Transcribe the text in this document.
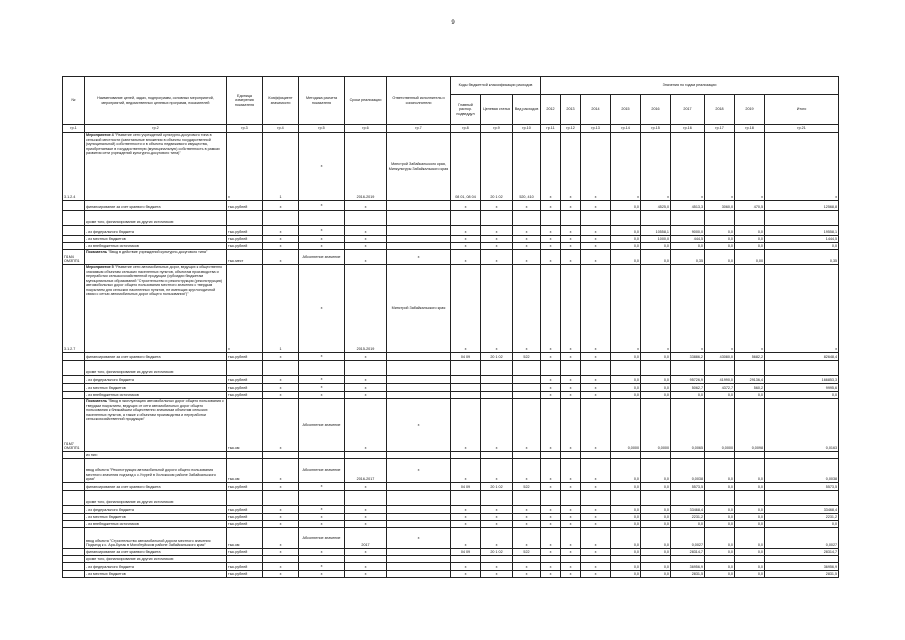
9
№	Наименование целей, задач, подпрограмм, основных мероприятий, мероприятий, ведомственных целевых программ, показателей	Единица измерения показателя	Коэффициент значимости	Методика расчета показателя	Сроки реализации	Ответственный исполнитель и соисполнители	Коды бюджетной классификации расходов			Значения по годам реализации								
							Главный распор. подведдул	Целевая статья	Вид расходов	2012	2013	2014	2015	2016	2017	2018	2019	Итого
гр.1	гр.2	гр.3	гр.4	гр.5	гр.6	гр.7	гр.8	гр.9	гр.10	гр.11	гр.12	гр.13	гр.14	гр.15	гр.16	гр.17	гр.18	гр.21
3.1.2.4	Мероприятие 4 "Развитие сети учреждений культурно-досугового типа в сельской местности (капитальные вложения в объекты государственной (муниципальной) собственности и в объекты недвижимого имущества, приобретаемые в государственную (муниципальную) собственность в рамках развития сети учреждений культурно-досугового типа)"	х	1	х	2016-2019	Минстрой Забайкальского края, Минкультуры Забайкальского края	08 01, 08 04	20 1 02	520, 410	х	х	х	х	х	х	х	х	х
	финансирование за счет краевого бюджета	тыс.рублей	х	х	х		х	х	х	х	х	х	0,0	4525,0	4513,3	3060,0	470,5	12568,8
	кроме того, финансирование из других источников:																	
	- из федерального бюджета	тыс.рублей	х	х	х		х	х	х	х	х	х	0,0	10558,1	9000,0	0,0	0,0	19558,1
	- из местных бюджетов	тыс.рублей	х	х	х		х	х	х	х	х	х	0,0	1000,0	444,5	0,0	0,0	1444,5
	- из внебюджетных источников	тыс.рублей	х	х	х		х	х	х	х	х	х	0,0	0,0	0,0	0,0	0,0	0,0
П1М4 ОМЗПП1	Показатель "Ввод в действие учреждений культурно-досугового типа"	тыс.мест	х	Абсолютное значение	х	х	х	х	х	х	х	х	0,0	0,0	0,35	0,0	0,00	0,35
3.1.2.7	Мероприятие 5 "Развитие сети автомобильных дорог, ведущих к общественно значимым объектам сельских населенных пунктов, объектам производства и переработки сельскохозяйственной продукции (субсидии бюджетам муниципальных образований "Строительство и реконструкция (реконструкция) автомобильных дорог общего пользования местного значения с твердым покрытием для сельских населенных пунктов, не имеющих круглогодичной связи с сетью автомобильных дорог общего пользования")"	х	1	х	2015-2019	Минстрой Забайкальского края	х	х	х	х	х	х	х	х	х	х	х	х
	финансирование за счет краевого бюджета	тыс.рублей	х	х	х		04 09	20 1 02	522	х	х	х	0,0	0,0	33886,2	43080,0	5682,2	82648,4
	кроме того, финансирование из других источников:																	
	- из федерального бюджета	тыс.рублей	х	х	х					х	х	х	0,0	0,0	95726,9	41990,0	29136,4	166853,3
	- из местных бюджетов	тыс.рублей	х	х	х					х	х	х	0,0	0,0	5062,7	4372,7	560,2	9995,6
	- из внебюджетных источников	тыс.рублей	х	х	х					х	х	х	0,0	0,0	0,0	0,0	0,0	0,0
П1М7 ОМЗПП1	Показатель "Ввод в эксплуатацию автомобильных дорог общего пользования с твердым покрытием, ведущих от сети автомобильных дорог общего пользования к ближайшим общественно значимым объектам сельских населенных пунктов, а также к объектам производства и переработки сельскохозяйственной продукции"	тыс.км	х	Абсолютное значение	х	х	х	х	х	х	х	х	0,0000	0,0000	0,0065	0,0000	0,0098	0,0163
	из них:																	
	ввод объекта "Реконструкция автомобильной дороги общего пользования местного значения подъезд к с.Ухурей в Хилокском районе Забайкальского края"	тыс.км	х	Абсолютное значение	2016-2017	х	х	х	х	х	х	х	0,0	0,0	0,0038	0,0	0,0	0,0038
	финансирование за счет краевого бюджета	тыс.рублей	х	х	х		04 09	20 1 02	522	х	х	х	0,0	0,0	5573,5	0,0	0,0	5573,5
	кроме того, финансирование из других источников:																	
	- из федерального бюджета	тыс.рублей	х	х	х		х	х	х	х	х	х	0,0	0,0	33468,4	0,0	0,0	33468,4
	- из местных бюджетов	тыс.рублей	х	х	х		х	х	х	х	х	х	0,0	0,0	2231,2	0,0	0,0	2231,2
	- из внебюджетных источников	тыс.рублей	х	х	х		х	х	х	х	х	х	0,0	0,0	0,0	0,0	0,0	0,0
	ввод объекта "Строительство автомобильной дороги местного значения Подъезд к с. Ара-Булак в Могойтуйском районе Забайкальского края"	тыс.км	х	Абсолютное значение	2017	х	х	х	х	х	х	х	0,0	0,0	0,0027	0,0	0,0	0,0027
	финансирование за счет краевого бюджета	тыс.рублей	х	х	х		04 09	20 1 02	522	х	х	х	0,0	0,0	28314,7	0,0	0,0	28314,7
	кроме того, финансирование из других источников:																	
	- из федерального бюджета	тыс.рублей	х	х	х		х	х	х	х	х	х	0,0	0,0	36956,9	0,0	0,0	36956,9
	- из местных бюджетов	тыс.рублей	х	х	х		х	х	х	х	х	х	0,0	0,0	2831,5	0,0	0,0	2831,5
